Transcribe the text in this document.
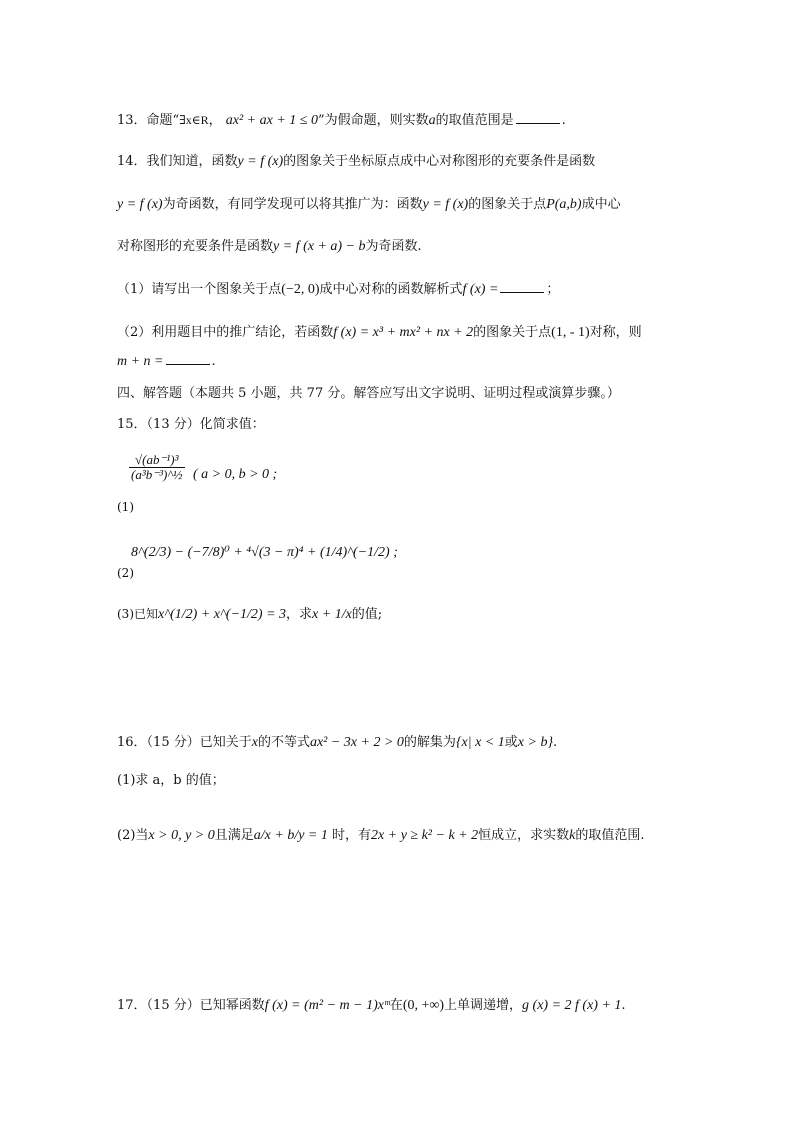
13．命题“∃x∈R， ax² + ax + 1 ≤ 0”为假命题，则实数a的取值范围是	.
14．我们知道，函数y = f (x)的图象关于坐标原点成中心对称图形的充要条件是函数
y = f (x)为奇函数，有同学发现可以将其推广为：函数y = f (x)的图象关于点P(a,b)成中心
对称图形的充要条件是函数y = f (x + a) − b为奇函数.
（1）请写出一个图象关于点(−2, 0)成中心对称的函数解析式f (x) =	；
（2）利用题目中的推广结论，若函数f (x) = x³ + mx² + nx + 2的图象关于点(1, - 1)对称，则
m + n =	.
四、解答题（本题共 5 小题，共 77 分。解答应写出文字说明、证明过程或演算步骤。）
15．（13 分）化简求值：
(1)
$\frac{\text{√(ab⁻¹)³}}{\text{(a³b⁻³)\textasciicircum{}½}}$ ( a > 0, b > 0 ;
8^(2/3) − (−7/8)⁰ + ⁴√(3 − π)⁴ + (1/4)^(−1/2) ;
(2)
(3)已知x^(1/2) + x^(−1/2) = 3，求x + 1/x的值;
16．（15 分）已知关于x的不等式ax² − 3x + 2 > 0的解集为{x| x < 1或x > b}.
(1)求 a，b 的值；
(2)当x > 0, y > 0且满足a/x + b/y = 1 时，有2x + y ≥ k² − k + 2恒成立，求实数k的取值范围.
17．（15 分）已知幂函数f (x) = (m² − m − 1)xᵐ在(0, +∞)上单调递增，g (x) = 2 f (x) + 1.
